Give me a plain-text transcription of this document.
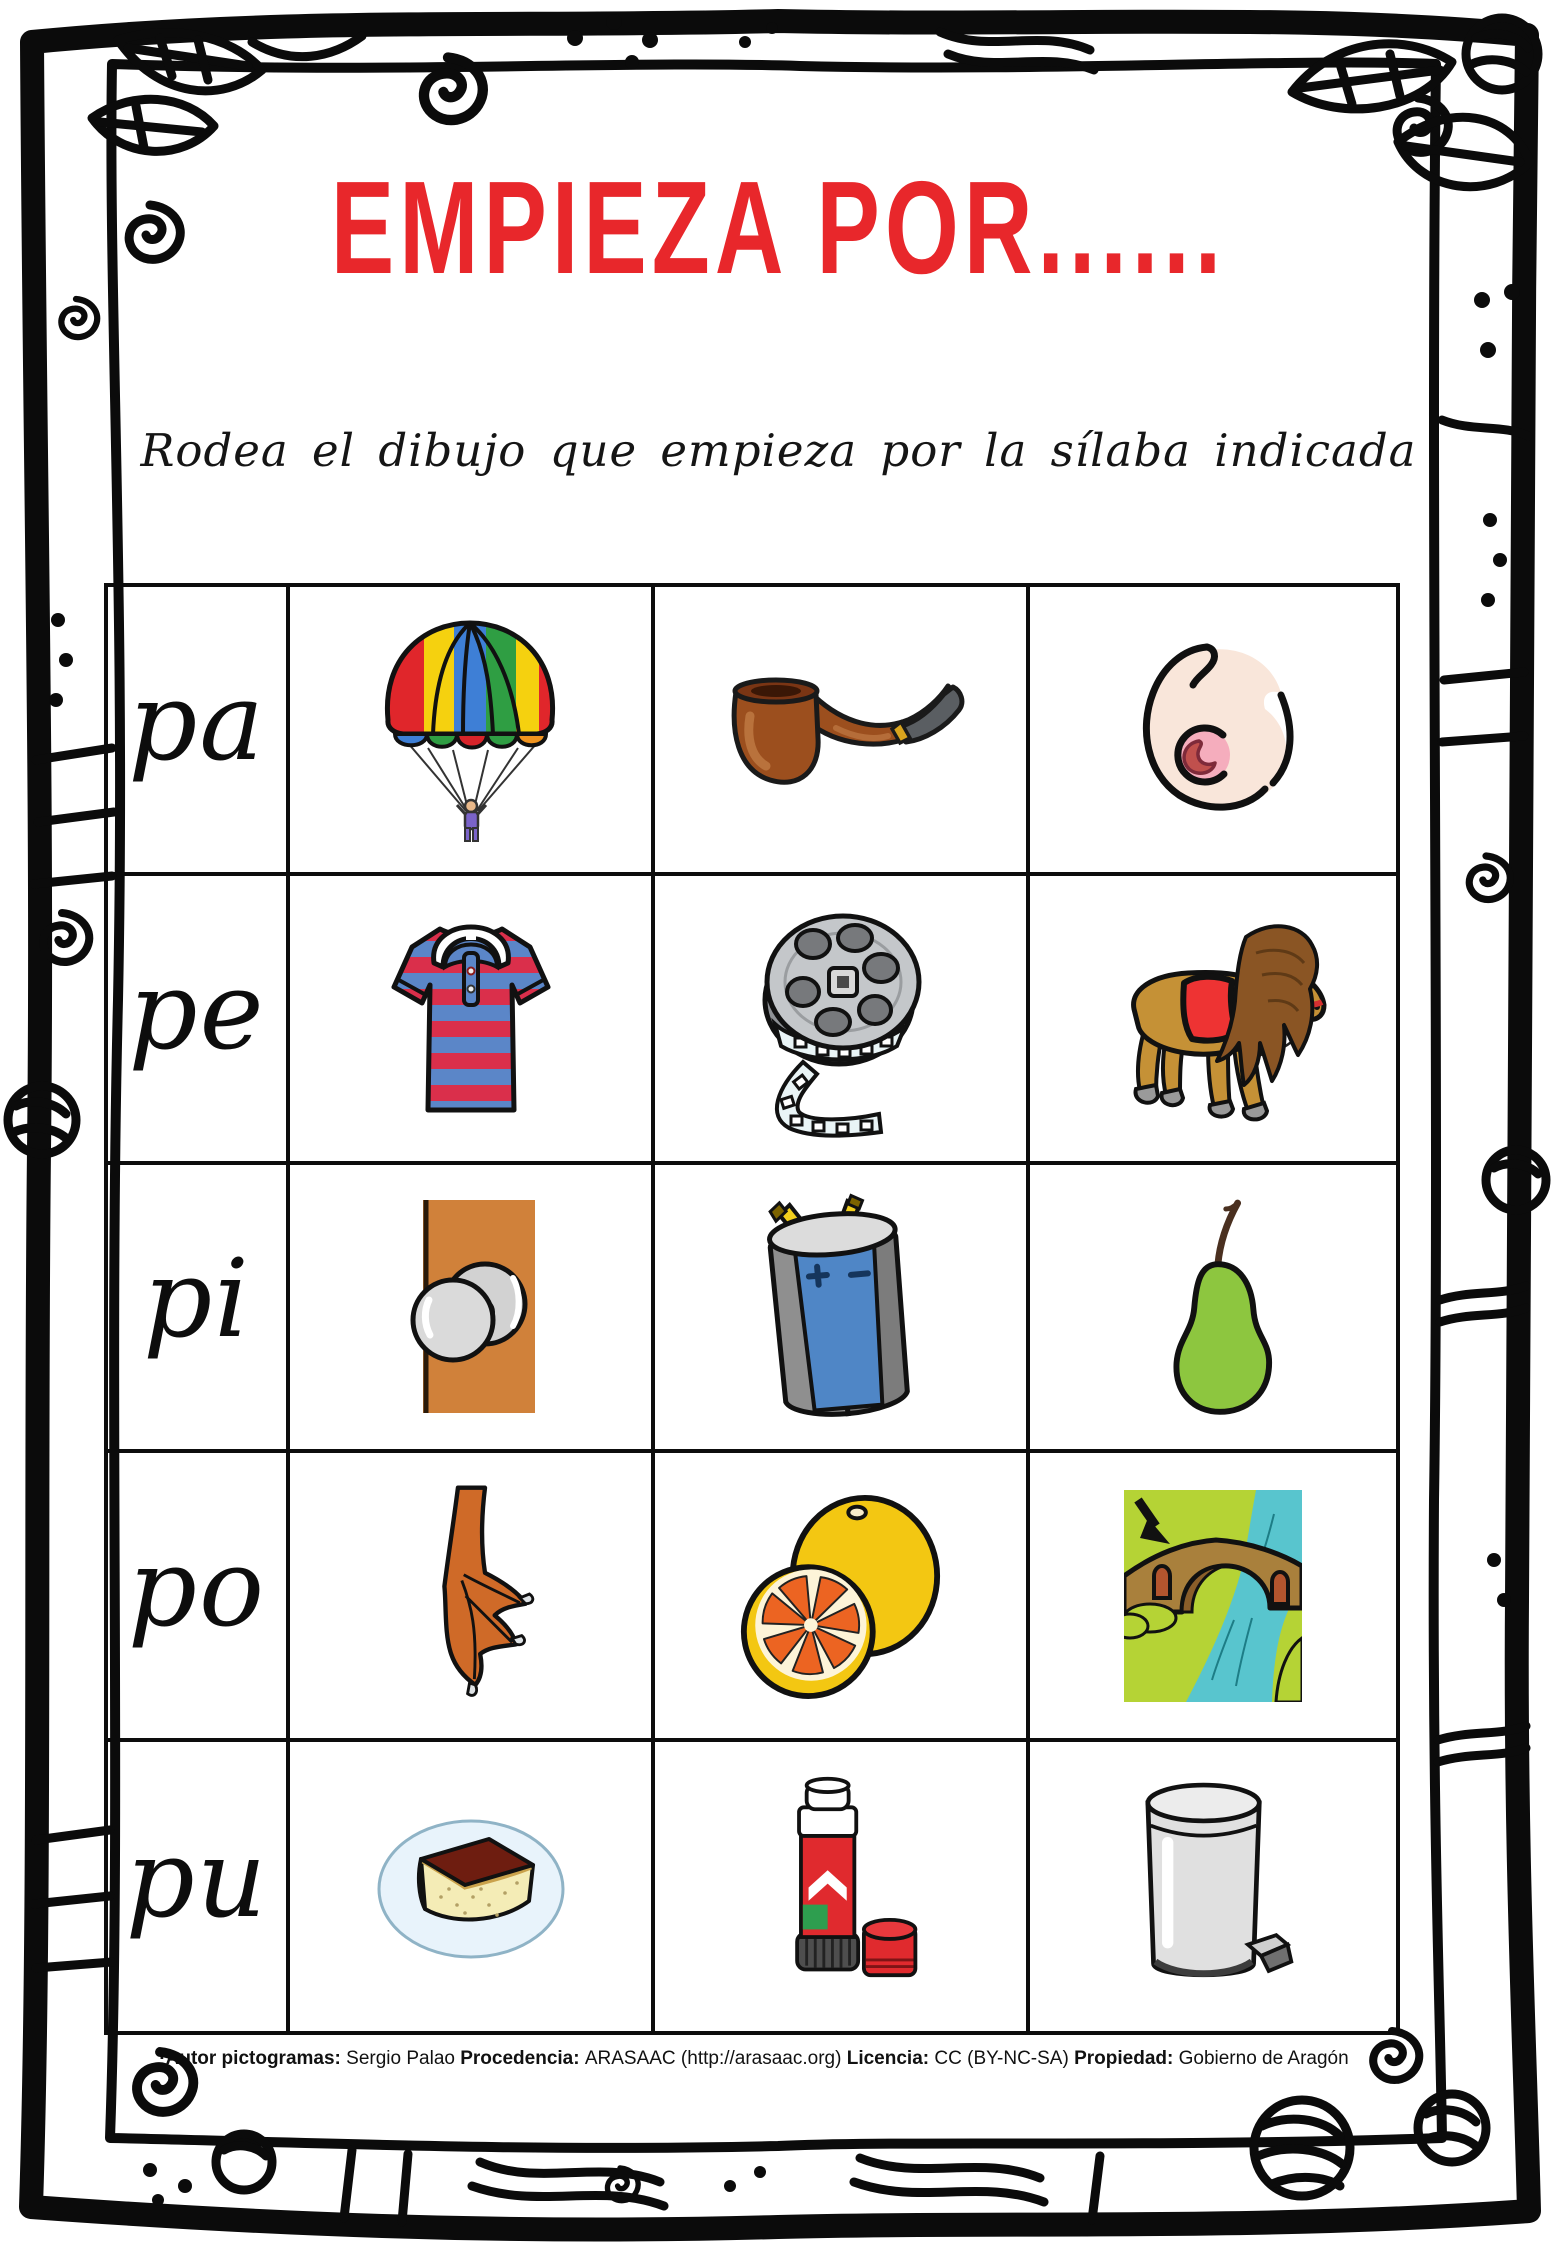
EMPIEZA POR......
Rodea el dibujo que empieza por la sílaba indicada
pa
pe
pi
po
pu
·Autor pictogramas: Sergio Palao Procedencia: ARASAAC (http://arasaac.org) Licencia: CC (BY-NC-SA) Propiedad: Gobierno de Aragón
